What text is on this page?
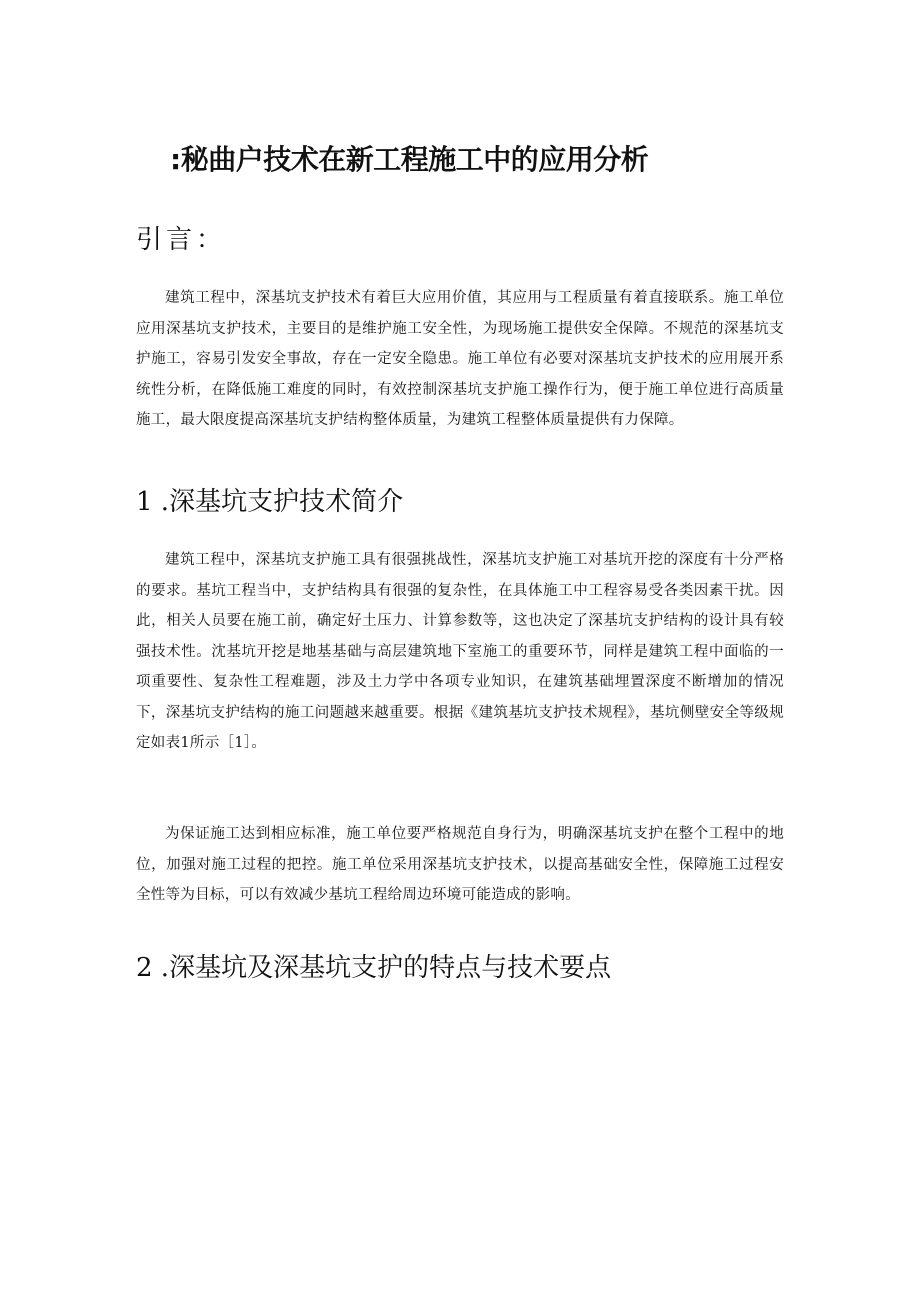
:秘曲户技术在新工程施工中的应用分析
引言：

建筑工程中，深基坑支护技术有着巨大应用价值，其应用与工程质量有着直接联系。施工单位应用深基坑支护技术，主要目的是维护施工安全性，为现场施工提供安全保障。不规范的深基坑支护施工，容易引发安全事故，存在一定安全隐患。施工单位有必要对深基坑支护技术的应用展开系统性分析，在降低施工难度的同时，有效控制深基坑支护施工操作行为，便于施工单位进行高质量施工，最大限度提高深基坑支护结构整体质量，为建筑工程整体质量提供有力保障。

1 .深基坑支护技术简介

建筑工程中，深基坑支护施工具有很强挑战性，深基坑支护施工对基坑开挖的深度有十分严格的要求。基坑工程当中，支护结构具有很强的复杂性，在具体施工中工程容易受各类因素干扰。因此，相关人员要在施工前，确定好土压力、计算参数等，这也决定了深基坑支护结构的设计具有较强技术性。沈基坑开挖是地基基础与高层建筑地下室施工的重要环节，同样是建筑工程中面临的一项重要性、复杂性工程难题，涉及土力学中各项专业知识，在建筑基础埋置深度不断增加的情况下，深基坑支护结构的施工问题越来越重要。根据《建筑基坑支护技术规程》，基坑侧壁安全等级规定如表1所示［1］。

为保证施工达到相应标准，施工单位要严格规范自身行为，明确深基坑支护在整个工程中的地位，加强对施工过程的把控。施工单位采用深基坑支护技术，以提高基础安全性，保障施工过程安全性等为目标，可以有效减少基坑工程给周边环境可能造成的影响。

2 .深基坑及深基坑支护的特点与技术要点
